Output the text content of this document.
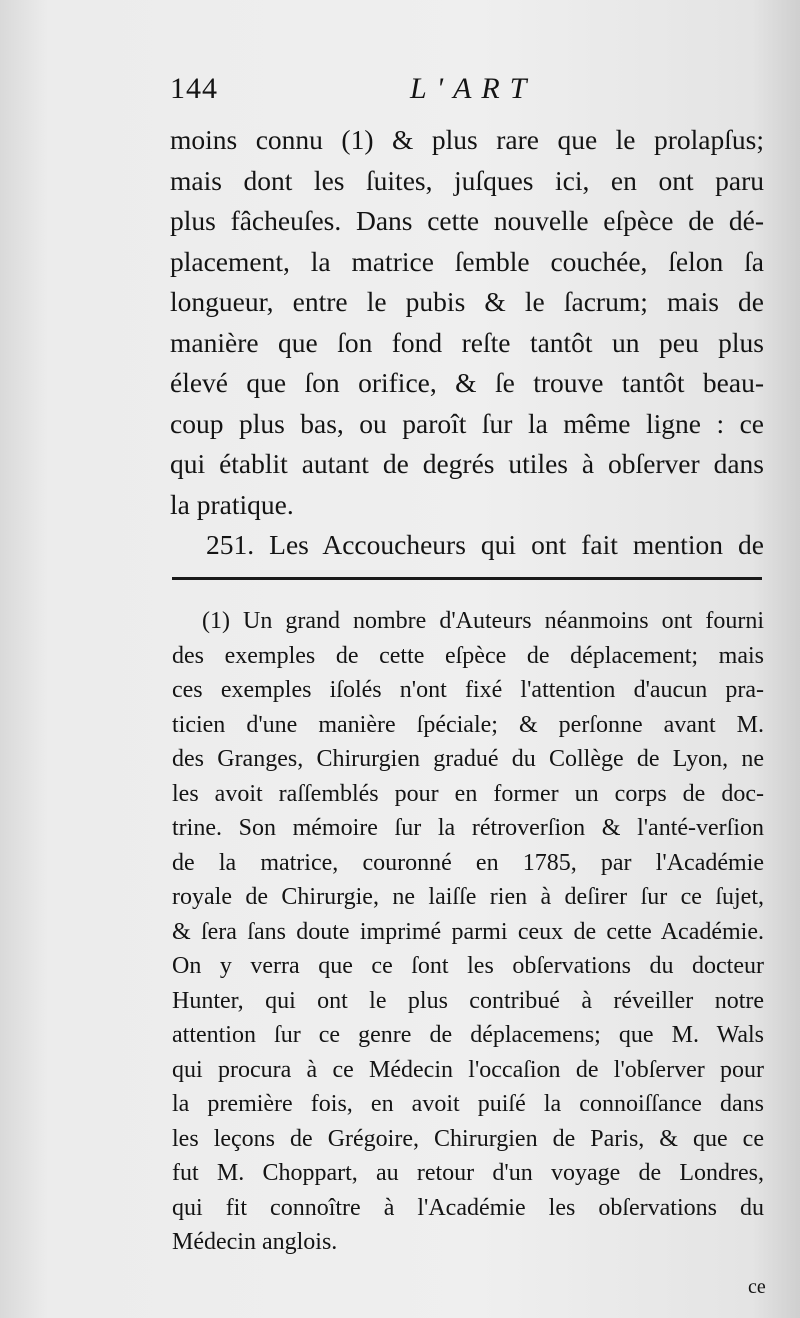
144	L'ART
moins connu (1) & plus rare que le prolapſus;
mais dont les ſuites, juſques ici, en ont paru
plus fâcheuſes. Dans cette nouvelle eſpèce de dé-
placement, la matrice ſemble couchée, ſelon ſa
longueur, entre le pubis & le ſacrum; mais de
manière que ſon fond reſte tantôt un peu plus
élevé que ſon orifice, & ſe trouve tantôt beau-
coup plus bas, ou paroît ſur la même ligne : ce
qui établit autant de degrés utiles à obſerver dans
la pratique.
251. Les Accoucheurs qui ont fait mention de
(1) Un grand nombre d'Auteurs néanmoins ont fourni
des exemples de cette eſpèce de déplacement; mais
ces exemples iſolés n'ont fixé l'attention d'aucun pra-
ticien d'une manière ſpéciale; & perſonne avant M.
des Granges, Chirurgien gradué du Collège de Lyon, ne
les avoit raſſemblés pour en former un corps de doc-
trine. Son mémoire ſur la rétroverſion & l'anté-verſion
de la matrice, couronné en 1785, par l'Académie
royale de Chirurgie, ne laiſſe rien à deſirer ſur ce ſujet,
& ſera ſans doute imprimé parmi ceux de cette Académie.
On y verra que ce ſont les obſervations du docteur
Hunter, qui ont le plus contribué à réveiller notre
attention ſur ce genre de déplacemens; que M. Wals
qui procura à ce Médecin l'occaſion de l'obſerver pour
la première fois, en avoit puiſé la connoiſſance dans
les leçons de Grégoire, Chirurgien de Paris, & que ce
fut M. Choppart, au retour d'un voyage de Londres,
qui fit connoître à l'Académie les obſervations du
Médecin anglois.
ce
